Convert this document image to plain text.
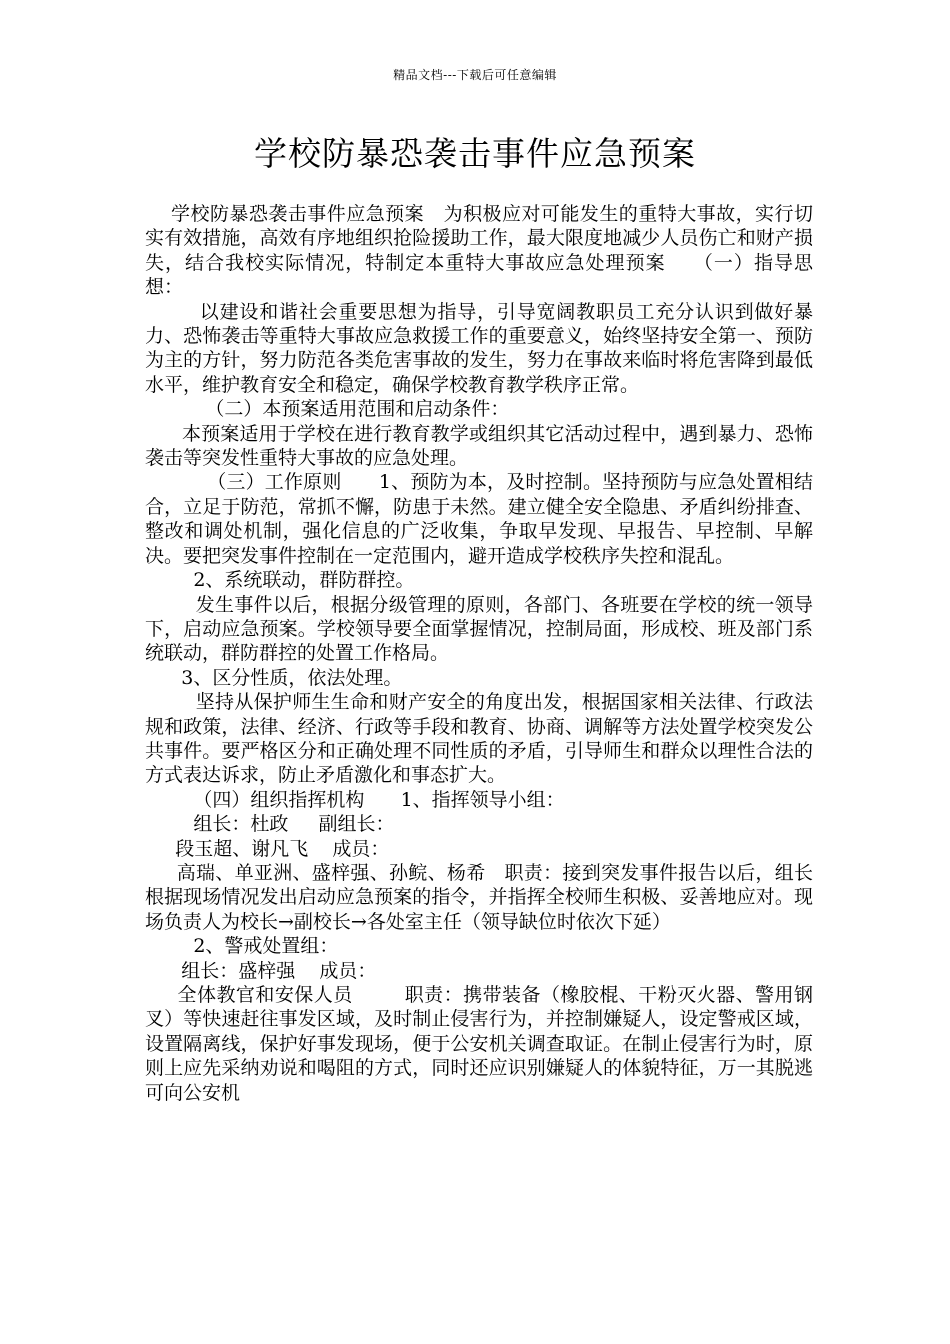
精品文档---下载后可任意编辑
学校防暴恐袭击事件应急预案

学校防暴恐袭击事件应急预案   为积极应对可能发生的重特大事故，实行切实有效措施，高效有序地组织抢险援助工作，最大限度地减少人员伤亡和财产损失，结合我校实际情况，特制定本重特大事故应急处理预案    （一）指导思想：

以建设和谐社会重要思想为指导，引导宽阔教职员工充分认识到做好暴力、恐怖袭击等重特大事故应急救援工作的重要意义，始终坚持安全第一、预防为主的方针，努力防范各类危害事故的发生，努力在事故来临时将危害降到最低水平，维护教育安全和稳定，确保学校教育教学秩序正常。

（二）本预案适用范围和启动条件：

本预案适用于学校在进行教育教学或组织其它活动过程中，遇到暴力、恐怖袭击等突发性重特大事故的应急处理。

（三）工作原则      1、预防为本，及时控制。坚持预防与应急处置相结合，立足于防范，常抓不懈，防患于未然。建立健全安全隐患、矛盾纠纷排查、整改和调处机制，强化信息的广泛收集，争取早发现、早报告、早控制、早解决。要把突发事件控制在一定范围内，避开造成学校秩序失控和混乱。

2、系统联动，群防群控。

发生事件以后，根据分级管理的原则，各部门、各班要在学校的统一领导下，启动应急预案。学校领导要全面掌握情况，控制局面，形成校、班及部门系统联动，群防群控的处置工作格局。

3、区分性质，依法处理。

坚持从保护师生生命和财产安全的角度出发，根据国家相关法律、行政法规和政策，法律、经济、行政等手段和教育、协商、调解等方法处置学校突发公共事件。要严格区分和正确处理不同性质的矛盾，引导师生和群众以理性合法的方式表达诉求，防止矛盾激化和事态扩大。

（四）组织指挥机构      1、指挥领导小组：

组长：杜政     副组长：

段玉超、谢凡飞    成员：

高瑞、单亚洲、盛梓强、孙鲩、杨希   职责：接到突发事件报告以后，组长根据现场情况发出启动应急预案的指令，并指挥全校师生积极、妥善地应对。现场负责人为校长→副校长→各处室主任（领导缺位时依次下延）

2、警戒处置组：

组长：盛梓强    成员：

全体教官和安保人员        职责：携带装备（橡胶棍、干粉灭火器、警用钢叉）等快速赶往事发区域，及时制止侵害行为，并控制嫌疑人，设定警戒区域，设置隔离线，保护好事发现场，便于公安机关调查取证。在制止侵害行为时，原则上应先采纳劝说和喝阻的方式，同时还应识别嫌疑人的体貌特征，万一其脱逃可向公安机
